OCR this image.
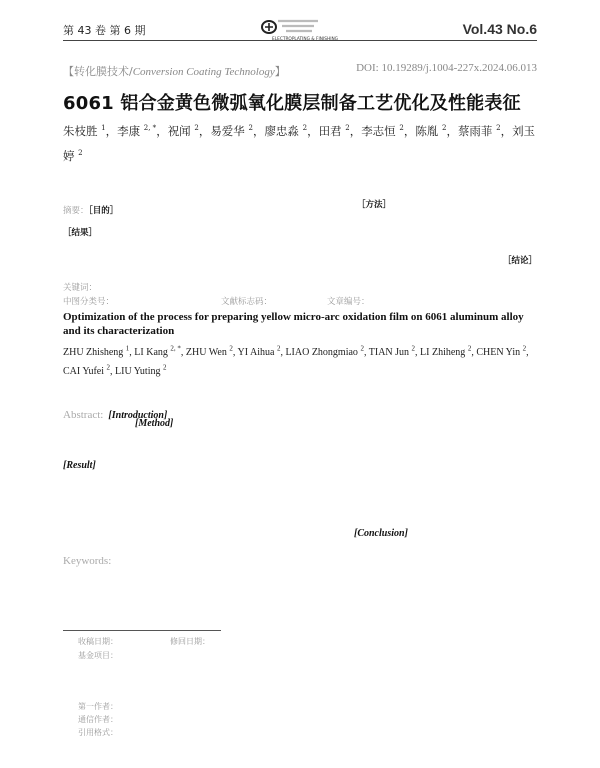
第 43 卷 第 6 期	Vol.43 No.6
【转化膜技术/Conversion Coating Technology】	DOI: 10.19289/j.1004-227x.2024.06.013
6061 铝合金黄色微弧氧化膜层制备工艺优化及性能表征
朱枝胜 $^1$，李康 $^{2, *}$，祝闻 $^2$，易爱华 $^2$，廖忠淼 $^2$，田君 $^2$，李志恒 $^2$，陈胤 $^2$，蔡雨菲 $^2$，刘玉婷 $^2$
摘要：［目的］
［方法］
［结果］
［结论］
关键词：
中图分类号：	文献标志码：	文章编号：
Optimization of the process for preparing yellow micro-arc oxidation film on 6061 aluminum alloy and its characterization
ZHU Zhisheng $^1$, LI Kang $^{2, *}$, ZHU Wen $^2$, YI Aihua $^2$, LIAO Zhongmiao $^2$, TIAN Jun $^2$, LI Zhiheng $^2$, CHEN Yin $^2$, CAI Yufei $^2$, LIU Yuting $^2$
Abstract: [Introduction]
[Method]
[Result]
[Conclusion]
Keywords:
收稿日期：	修回日期：
基金项目：
第一作者：
通信作者：
引用格式：
